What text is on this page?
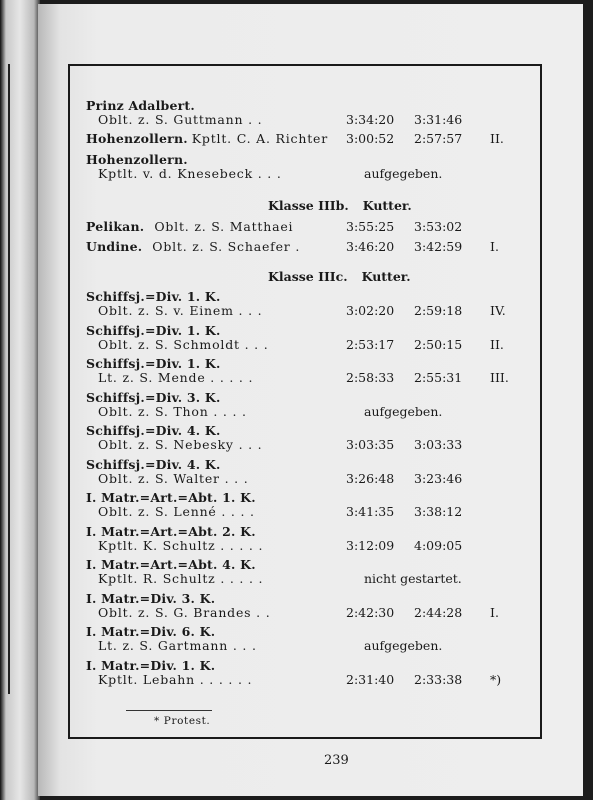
Prinz Adalbert.
Oblt. z. S. Guttmann . .	3:34:20 3:31:46
Hohenzollern. Kptlt. C. A. Richter 3:00:52 2:57:57 II.
Hohenzollern.
Kptlt. v. d. Knesebeck . . .	aufgegeben.
Klasse IIIb. Kutter.
Pelikan. Oblt. z. S. Matthaei	3:55:25 3:53:02
Undine. Oblt. z. S. Schaefer .	3:46:20 3:42:59 I.
Klasse IIIc. Kutter.
Schiffsj.=Div. 1. K.
Oblt. z. S. v. Einem . . .	3:02:20 2:59:18 IV.
Schiffsj.=Div. 1. K.
Oblt. z. S. Schmoldt . . .	2:53:17 2:50:15 II.
Schiffsj.=Div. 1. K.
Lt. z. S. Mende . . . . .	2:58:33 2:55:31 III.
Schiffsj.=Div. 3. K.
Oblt. z. S. Thon . . . .	aufgegeben.
Schiffsj.=Div. 4. K.
Oblt. z. S. Nebesky . . .	3:03:35 3:03:33
Schiffsj.=Div. 4. K.
Oblt. z. S. Walter . . .	3:26:48 3:23:46
I. Matr.=Art.=Abt. 1. K.
Oblt. z. S. Lenné . . . .	3:41:35 3:38:12
I. Matr.=Art.=Abt. 2. K.
Kptlt. K. Schultz . . . . .	3:12:09 4:09:05
I. Matr.=Art.=Abt. 4. K.
Kptlt. R. Schultz . . . . .	nicht gestartet.
I. Matr.=Div. 3. K.
Oblt. z. S. G. Brandes . .	2:42:30 2:44:28 I.
I. Matr.=Div. 6. K.
Lt. z. S. Gartmann . . .	aufgegeben.
I. Matr.=Div. 1. K.
Kptlt. Lebahn . . . . . .	2:31:40 2:33:38 *)
* Protest.
239
